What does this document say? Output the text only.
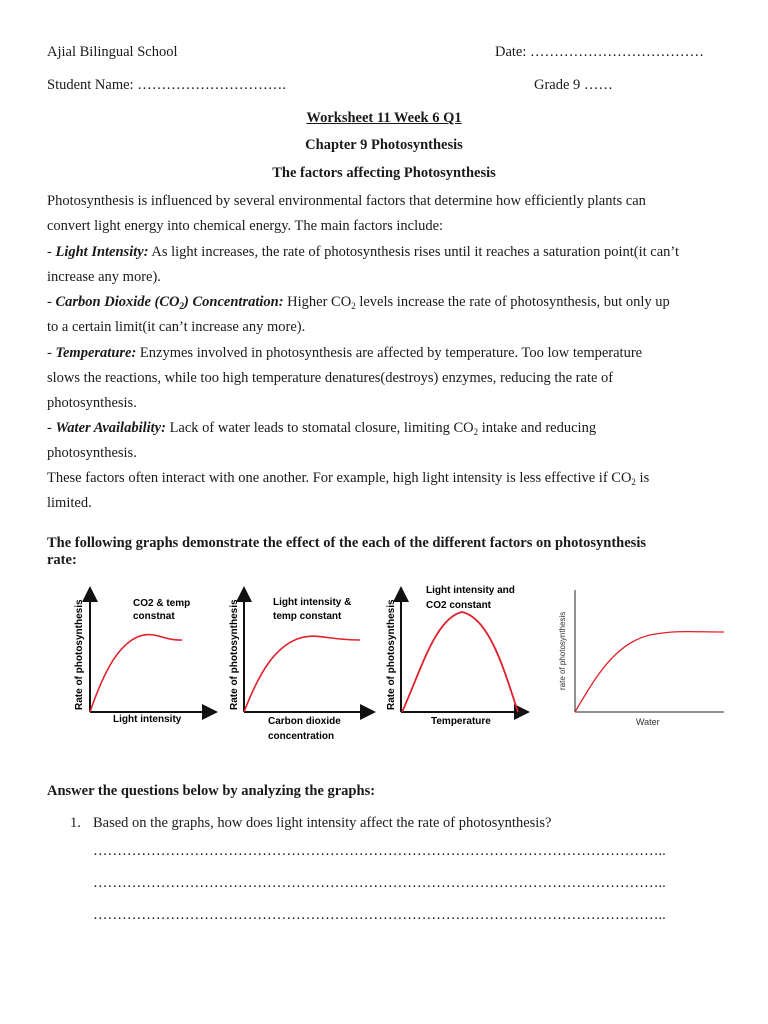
Ajial Bilingual School	Date: ………………………………
Student Name: ………………………….	Grade 9 ……
Worksheet 11 Week 6 Q1
Chapter 9 Photosynthesis
The factors affecting Photosynthesis
Photosynthesis is influenced by several environmental factors that determine how efficiently plants can
convert light energy into chemical energy. The main factors include:
- Light Intensity: As light increases, the rate of photosynthesis rises until it reaches a saturation point(it can’t
increase any more).
- Carbon Dioxide $(CO_2)$ Concentration: Higher $CO_2$ levels increase the rate of photosynthesis, but only up
to a certain limit(it can’t increase any more).
- Temperature: Enzymes involved in photosynthesis are affected by temperature. Too low temperature
slows the reactions, while too high temperature denatures(destroys) enzymes, reducing the rate of
photosynthesis.
- Water Availability: Lack of water leads to stomatal closure, limiting $CO_2$ intake and reducing
photosynthesis.
These factors often interact with one another. For example, high light intensity is less effective if $CO_2$ is
limited.
The following graphs demonstrate the effect of the each of the different factors on photosynthesis
rate:
Rate of photosynthesis
Light intensity
CO2 & temp
constnat	Rate of photosynthesis
Carbon dioxide
concentration
Light intensity &
temp constant	Rate of photosynthesis
Temperature
Light intensity and
CO2 constant
rate of photosynthesis
Water
Answer the questions below by analyzing the graphs:
1. Based on the graphs, how does light intensity affect the rate of photosynthesis?
………………………………………………………………………………………………………..
………………………………………………………………………………………………………..
………………………………………………………………………………………………………..
